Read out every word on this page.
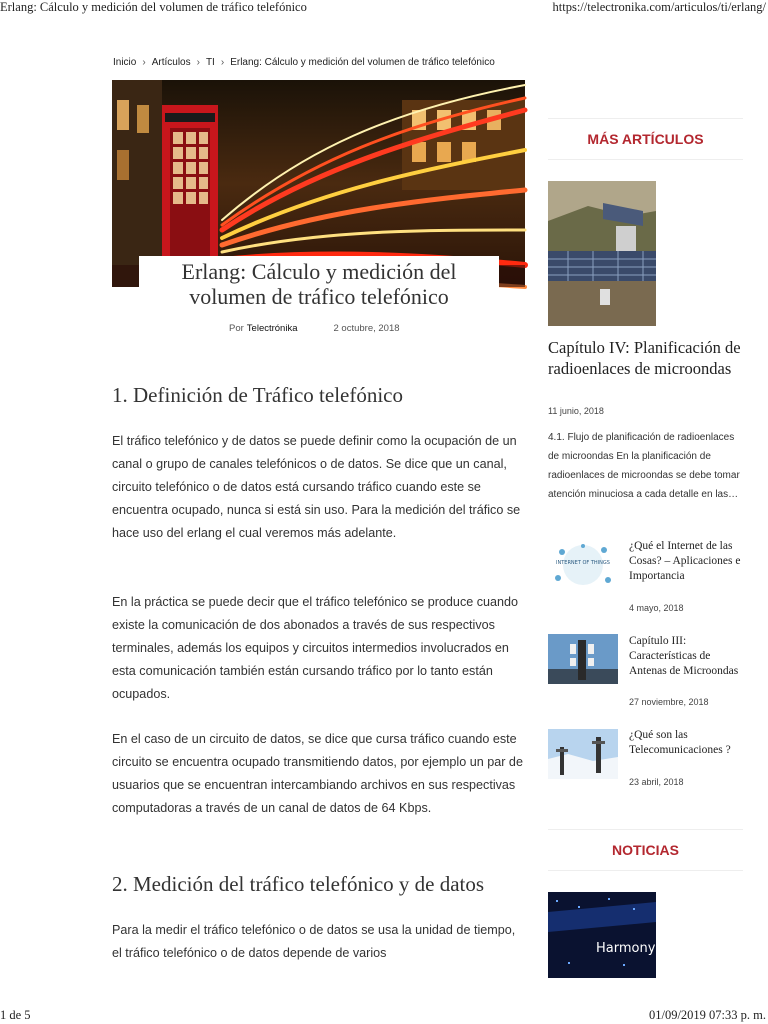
Erlang: Cálculo y medición del volumen de tráfico telefónico	https://telectronika.com/articulos/ti/erlang/
Inicio › Artículos › TI › Erlang: Cálculo y medición del volumen de tráfico telefónico
Erlang: Cálculo y medición del
volumen de tráfico telefónico
Por Telectrónika	2 octubre, 2018
1. Definición de Tráfico telefónico

El tráfico telefónico y de datos se puede definir como la ocupación de un canal o grupo de canales telefónicos o de datos. Se dice que un canal, circuito telefónico o de datos está cursando tráfico cuando este se encuentra ocupado, nunca si está sin uso. Para la medición del tráfico se hace uso del erlang el cual veremos más adelante.

En la práctica se puede decir que el tráfico telefónico se produce cuando existe la comunicación de dos abonados a través de sus respectivos terminales, además los equipos y circuitos intermedios involucrados en esta comunicación también están cursando tráfico por lo tanto están ocupados.

En el caso de un circuito de datos, se dice que cursa tráfico cuando este circuito se encuentra ocupado transmitiendo datos, por ejemplo un par de usuarios que se encuentran intercambiando archivos en sus respectivas computadoras a través de un canal de datos de 64 Kbps.

2. Medición del tráfico telefónico y de datos

Para la medir el tráfico telefónico o de datos se usa la unidad de tiempo, el tráfico telefónico o de datos depende de varios

MÁS ARTÍCULOS
Capítulo IV: Planificación de radioenlaces de microondas
11 junio, 2018

4.1. Flujo de planificación de radioenlaces de microondas En la planificación de radioenlaces de microondas se debe tomar atención minuciosa a cada detalle en las…

INTERNET OF THINGS
¿Qué el Internet de las Cosas? – Aplicaciones e Importancia
4 mayo, 2018
Capítulo III: Características de Antenas de Microondas
27 noviembre, 2018
¿Qué son las Telecomunicaciones ?
23 abril, 2018
NOTICIAS
HarmonyO
1 de 5	01/09/2019 07:33 p. m.
